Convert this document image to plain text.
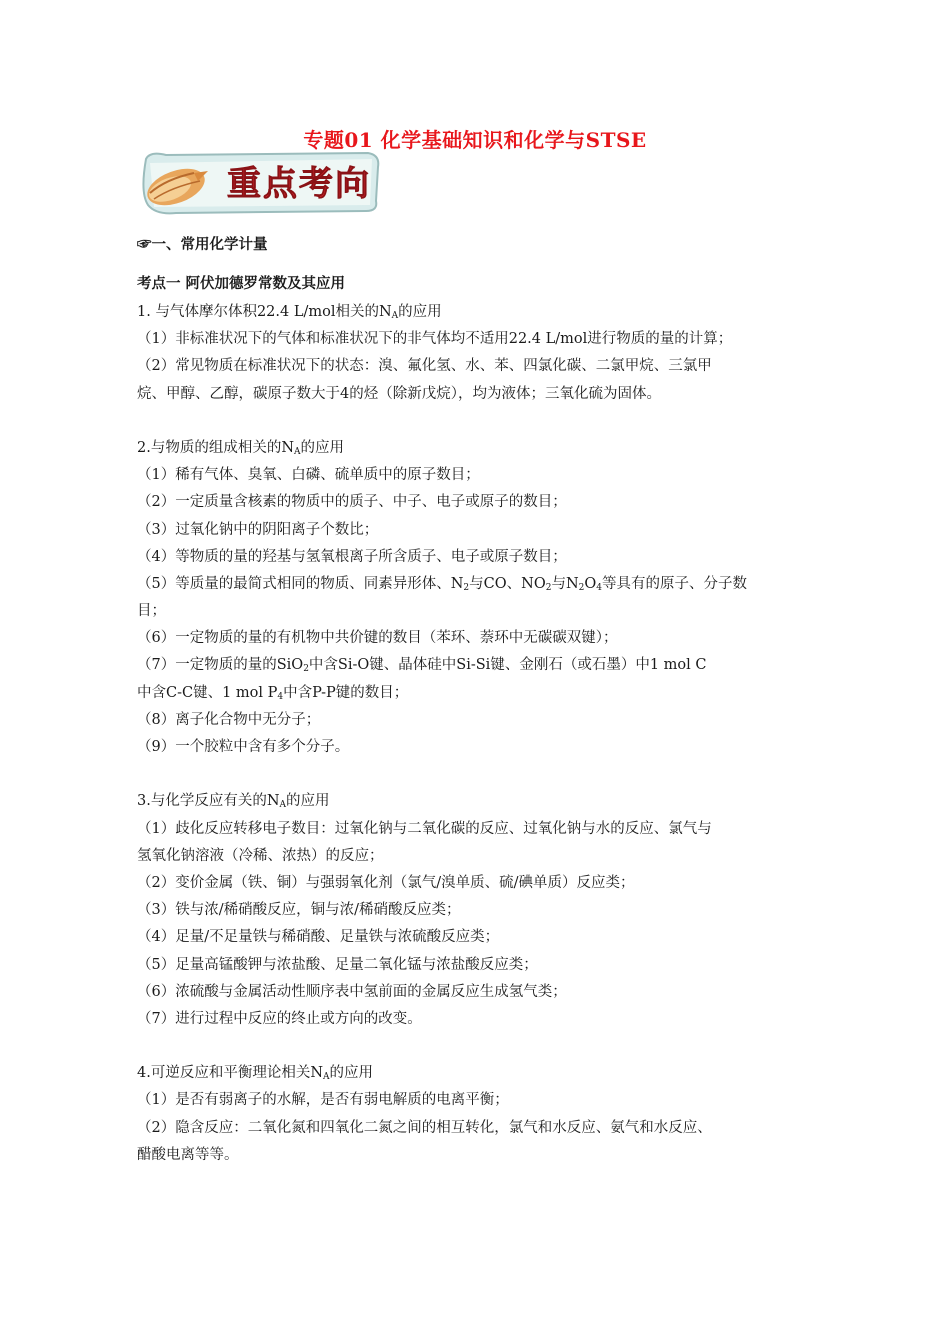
专题01 化学基础知识和化学与STSE
重点考向
☞一、常用化学计量
考点一 阿伏加德罗常数及其应用
1. 与气体摩尔体积22.4 L/mol相关的$N_A$的应用
（1）非标准状况下的气体和标准状况下的非气体均不适用22.4 L/mol进行物质的量的计算；
（2）常见物质在标准状况下的状态：溴、氟化氢、水、苯、四氯化碳、二氯甲烷、三氯甲
烷、甲醇、乙醇，碳原子数大于4的烃（除新戊烷），均为液体；三氧化硫为固体。
2.与物质的组成相关的$N_A$的应用
（1）稀有气体、臭氧、白磷、硫单质中的原子数目；
（2）一定质量含核素的物质中的质子、中子、电子或原子的数目；
（3）过氧化钠中的阴阳离子个数比；
（4）等物质的量的羟基与氢氧根离子所含质子、电子或原子数目；
（5）等质量的最简式相同的物质、同素异形体、$N_2$与CO、$NO_2$与$N_2O_4$等具有的原子、分子数
目；
（6）一定物质的量的有机物中共价键的数目（苯环、萘环中无碳碳双键）；
（7）一定物质的量的SiO$_2$中含Si-O键、晶体硅中Si-Si键、金刚石（或石墨）中1 mol C
中含C-C键、1 mol $P_4$中含P-P键的数目；
（8）离子化合物中无分子；
（9）一个胶粒中含有多个分子。
3.与化学反应有关的$N_A$的应用
（1）歧化反应转移电子数目：过氧化钠与二氧化碳的反应、过氧化钠与水的反应、氯气与
氢氧化钠溶液（冷稀、浓热）的反应；
（2）变价金属（铁、铜）与强弱氧化剂（氯气/溴单质、硫/碘单质）反应类；
（3）铁与浓/稀硝酸反应，铜与浓/稀硝酸反应类；
（4）足量/不足量铁与稀硝酸、足量铁与浓硫酸反应类；
（5）足量高锰酸钾与浓盐酸、足量二氧化锰与浓盐酸反应类；
（6）浓硫酸与金属活动性顺序表中氢前面的金属反应生成氢气类；
（7）进行过程中反应的终止或方向的改变。
4.可逆反应和平衡理论相关$N_A$的应用
（1）是否有弱离子的水解，是否有弱电解质的电离平衡；
（2）隐含反应：二氧化氮和四氧化二氮之间的相互转化，氯气和水反应、氨气和水反应、
醋酸电离等等。
